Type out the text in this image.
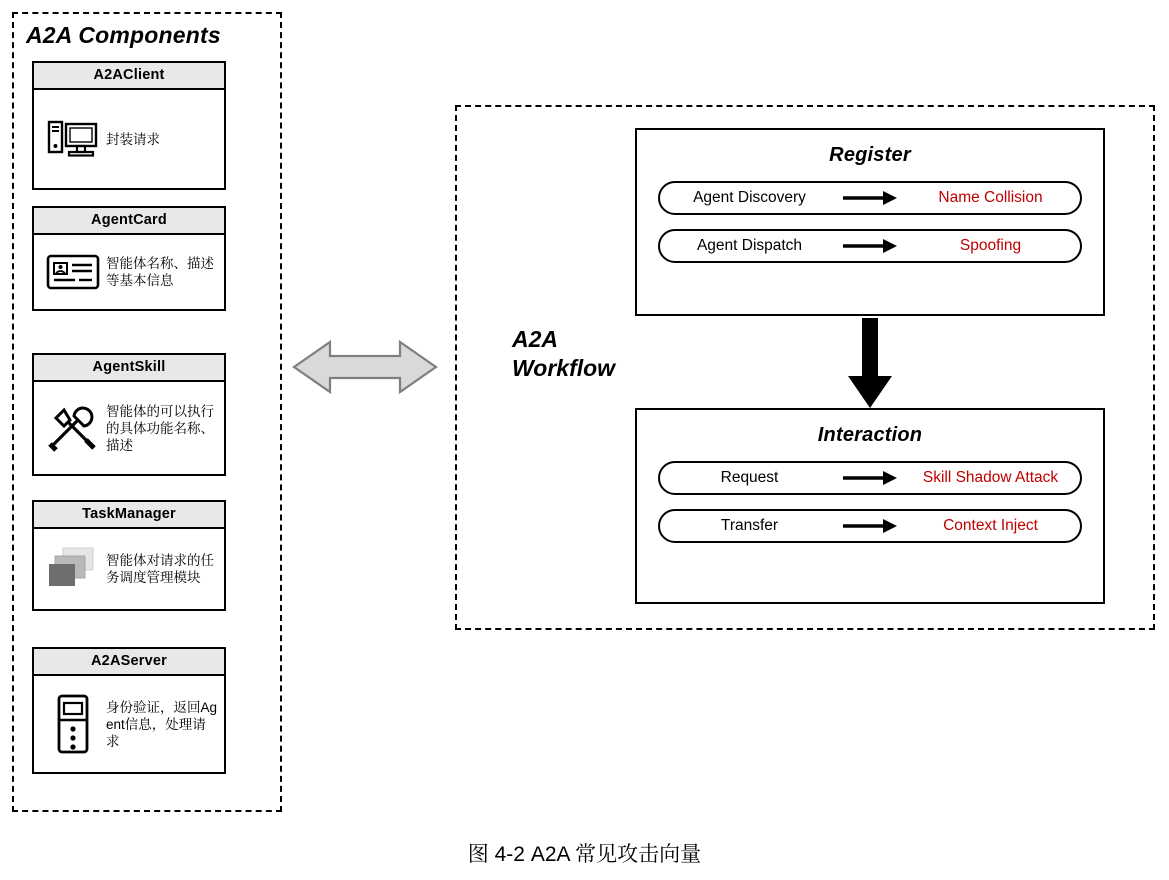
A2A Components
A2AClient
封装请求
AgentCard
智能体名称、描述等基本信息
AgentSkill
智能体的可以执行的具体功能名称、描述
TaskManager
智能体对请求的任务调度管理模块
A2AServer
身份验证，返回Agent信息，处理请求
A2A Workflow
Register
Agent Discovery	Name Collision
Agent Dispatch	Spoofing
Interaction
Request	Skill Shadow Attack
Transfer	Context Inject
图 4-2 A2A 常见攻击向量
